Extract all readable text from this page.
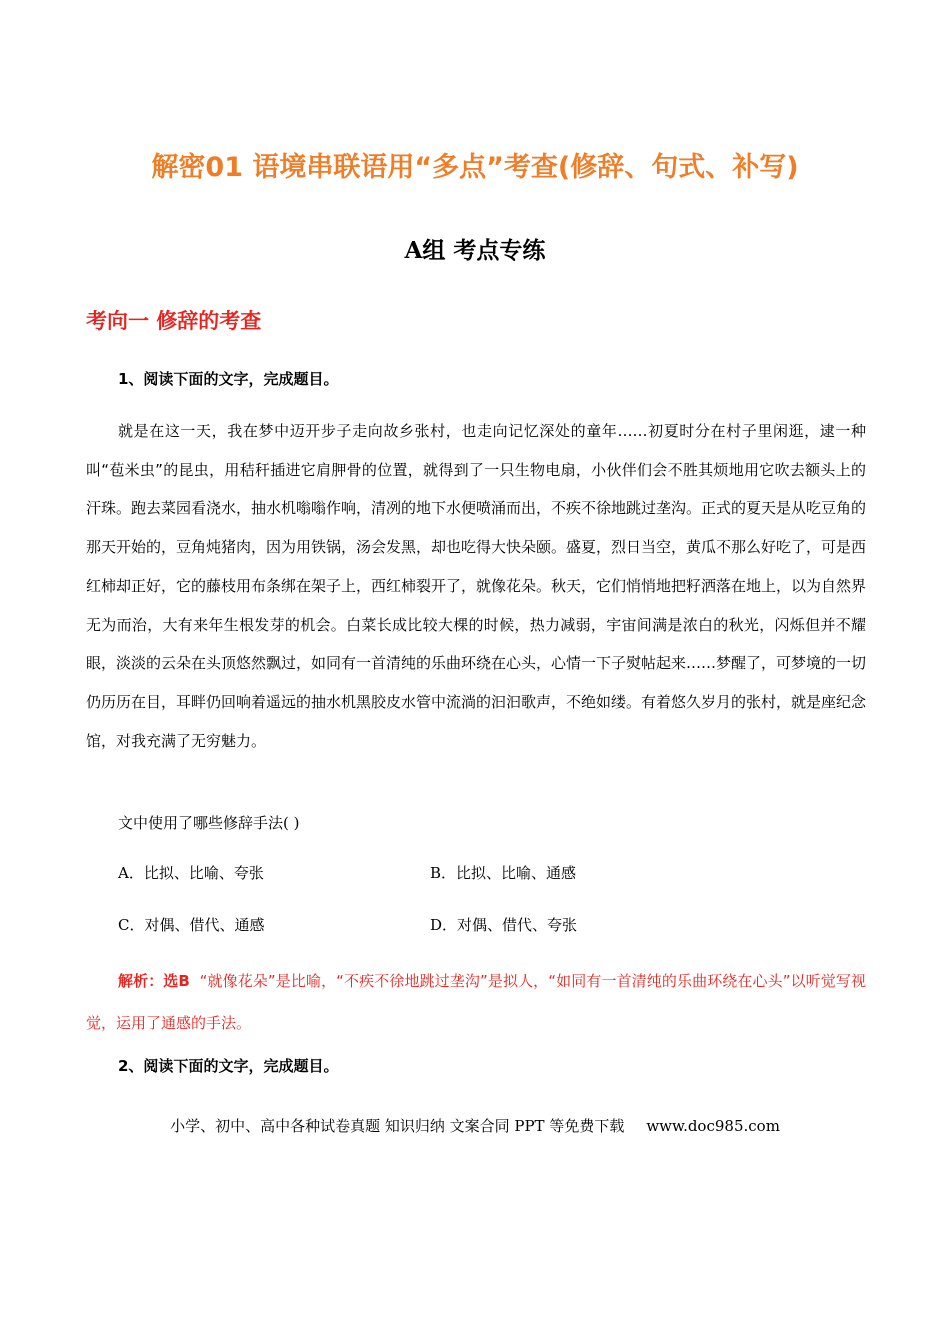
解密01 语境串联语用“多点”考查(修辞、句式、补写)
A组 考点专练
考向一 修辞的考查
1、阅读下面的文字，完成题目。

就是在这一天，我在梦中迈开步子走向故乡张村，也走向记忆深处的童年……初夏时分在村子里闲逛，逮一种叫“苞米虫”的昆虫，用秸秆插进它肩胛骨的位置，就得到了一只生物电扇，小伙伴们会不胜其烦地用它吹去额头上的汗珠。跑去菜园看浇水，抽水机嗡嗡作响，清冽的地下水便喷涌而出，不疾不徐地跳过垄沟。正式的夏天是从吃豆角的那天开始的，豆角炖猪肉，因为用铁锅，汤会发黑，却也吃得大快朵颐。盛夏，烈日当空，黄瓜不那么好吃了，可是西红柿却正好，它的藤枝用布条绑在架子上，西红柿裂开了，就像花朵。秋天，它们悄悄地把籽洒落在地上，以为自然界无为而治，大有来年生根发芽的机会。白菜长成比较大棵的时候，热力减弱，宇宙间满是浓白的秋光，闪烁但并不耀眼，淡淡的云朵在头顶悠然飘过，如同有一首清纯的乐曲环绕在心头，心情一下子熨帖起来……梦醒了，可梦境的一切仍历历在目，耳畔仍回响着遥远的抽水机黑胶皮水管中流淌的汩汩歌声，不绝如缕。有着悠久岁月的张村，就是座纪念馆，对我充满了无穷魅力。

文中使用了哪些修辞手法( )
A．比拟、比喻、夸张	B．比拟、比喻、通感
C．对偶、借代、通感	D．对偶、借代、夸张

解析：选B “就像花朵”是比喻，“不疾不徐地跳过垄沟”是拟人，“如同有一首清纯的乐曲环绕在心头”以听觉写视觉，运用了通感的手法。

2、阅读下面的文字，完成题目。
小学、初中、高中各种试卷真题 知识归纳 文案合同 PPT 等免费下载 www.doc985.com
